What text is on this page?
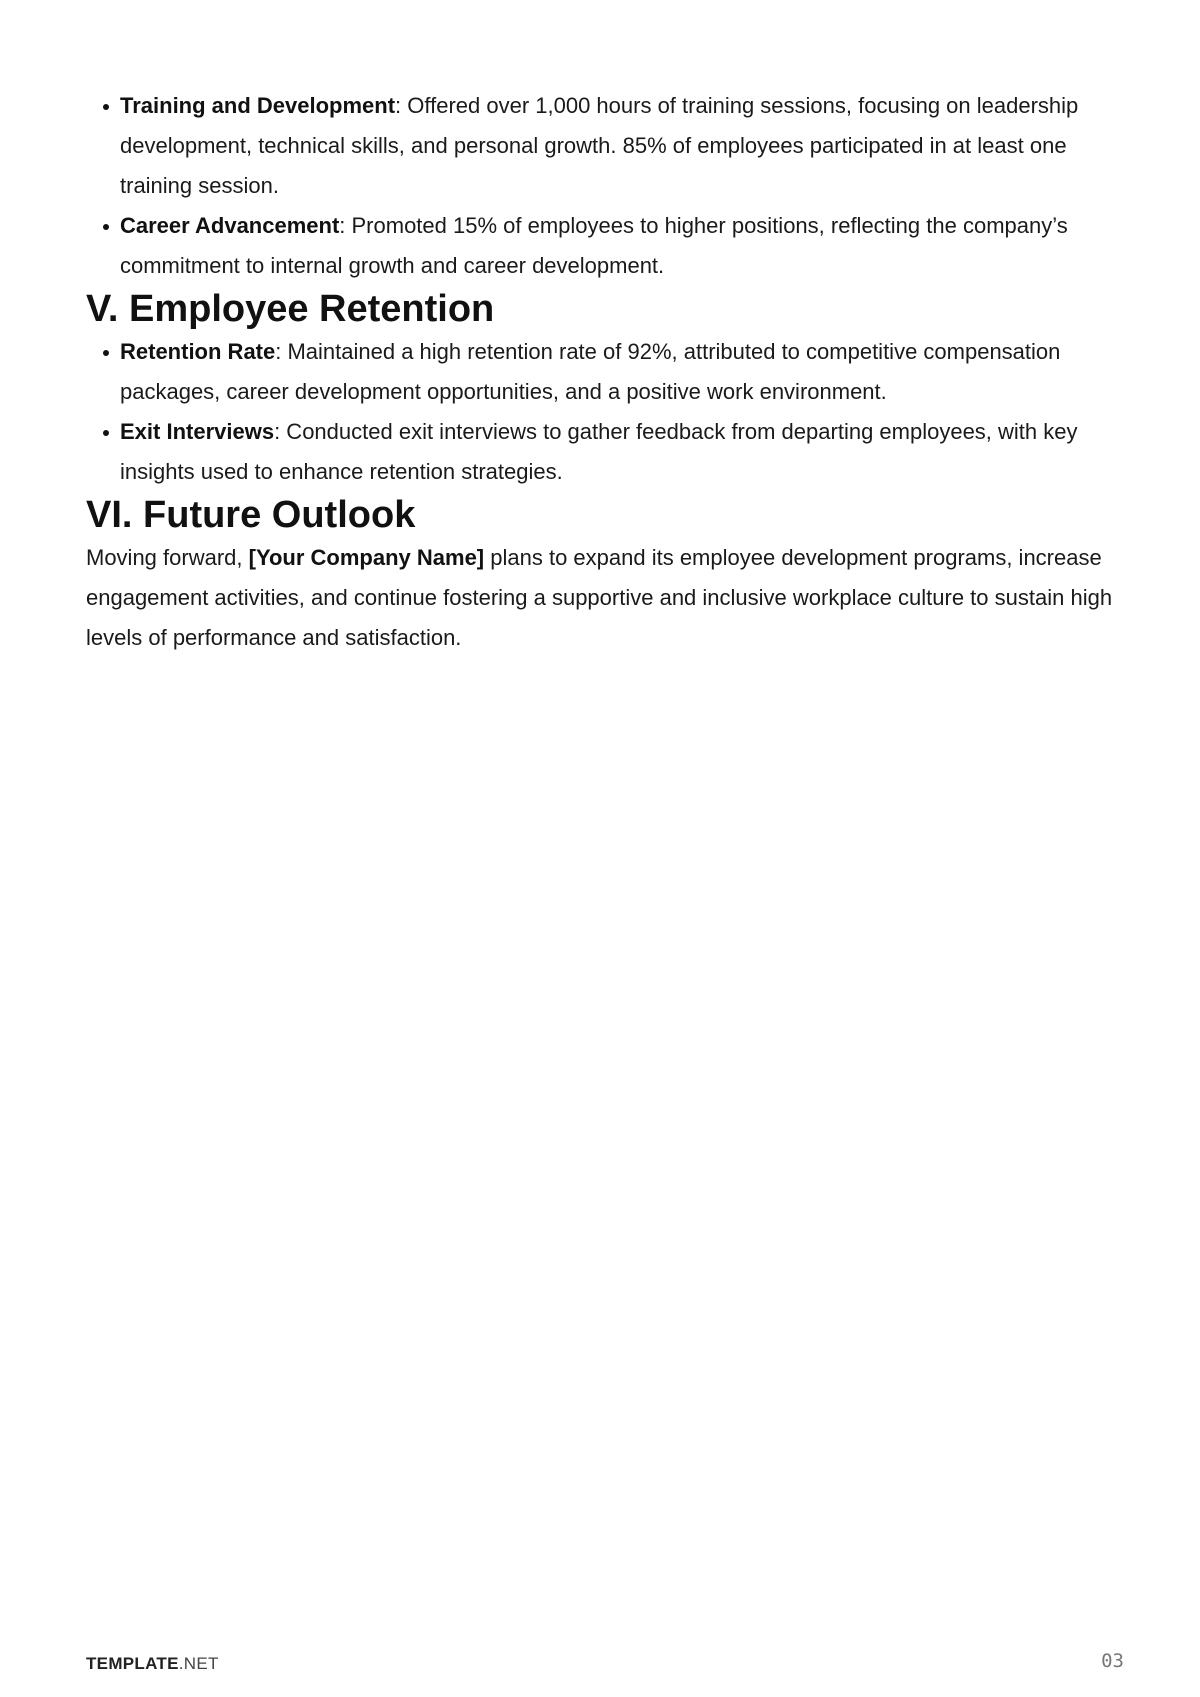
Training and Development: Offered over 1,000 hours of training sessions, focusing on leadership development, technical skills, and personal growth. 85% of employees participated in at least one training session.
Career Advancement: Promoted 15% of employees to higher positions, reflecting the company’s commitment to internal growth and career development.
V. Employee Retention
Retention Rate: Maintained a high retention rate of 92%, attributed to competitive compensation packages, career development opportunities, and a positive work environment.
Exit Interviews: Conducted exit interviews to gather feedback from departing employees, with key insights used to enhance retention strategies.
VI. Future Outlook

Moving forward, [Your Company Name] plans to expand its employee development programs, increase engagement activities, and continue fostering a supportive and inclusive workplace culture to sustain high levels of performance and satisfaction.

TEMPLATE.NET	03
